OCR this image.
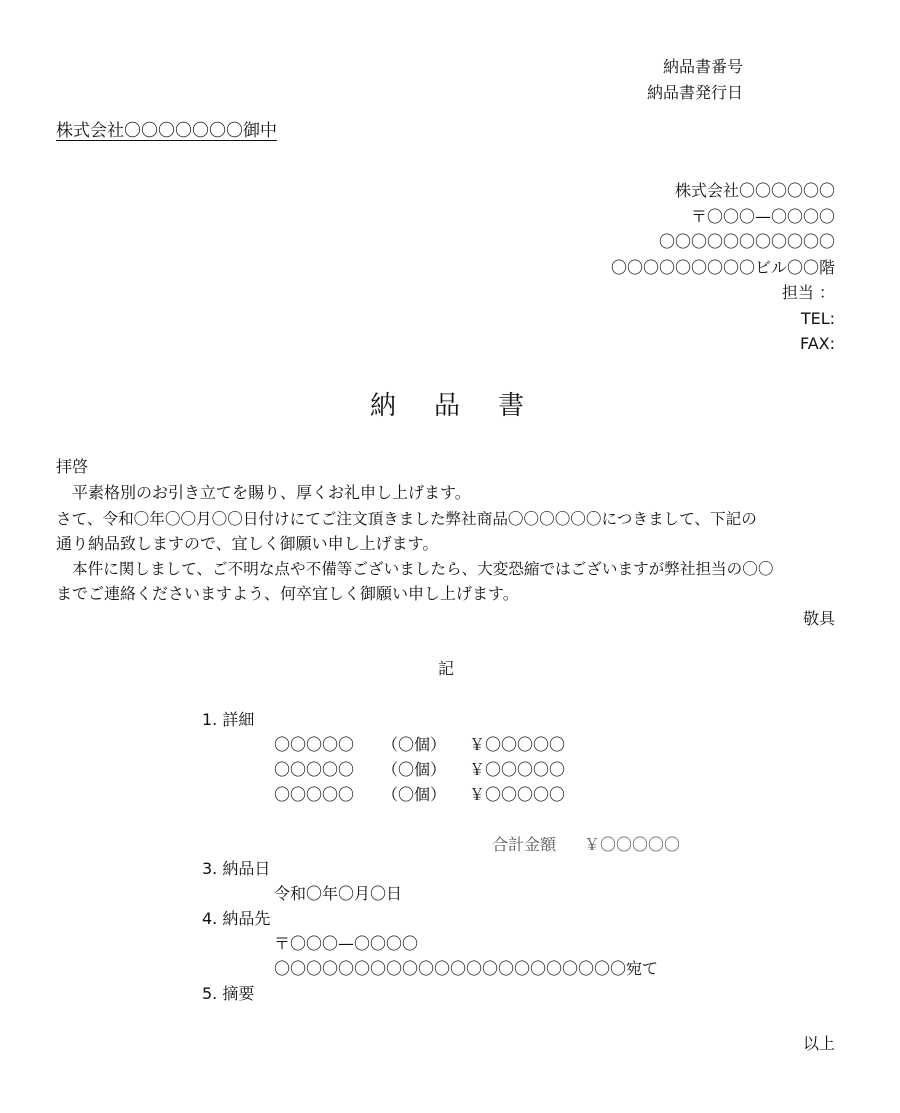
納品書番号
納品書発行日
株式会社〇〇〇〇〇〇〇御中
株式会社〇〇〇〇〇〇
〒〇〇〇—〇〇〇〇
〇〇〇〇〇〇〇〇〇〇〇
〇〇〇〇〇〇〇〇〇ビル〇〇階
担当 ：
TEL:
FAX:
納品書
拝啓
平素格別のお引き立てを賜り、厚くお礼申し上げます。
さて、令和〇年〇〇月〇〇日付けにてご注文頂きました弊社商品〇〇〇〇〇〇につきまして、下記の
通り納品致しますので、宜しく御願い申し上げます。
本件に関しまして、ご不明な点や不備等ございましたら、大変恐縮ではございますが弊社担当の〇〇
までご連絡くださいますよう、何卒宜しく御願い申し上げます。
敬具
記
1. 詳細
〇〇〇〇〇 （〇個） ￥〇〇〇〇〇
〇〇〇〇〇 （〇個） ￥〇〇〇〇〇
〇〇〇〇〇 （〇個） ￥〇〇〇〇〇
合計金額 ￥〇〇〇〇〇
3. 納品日
令和〇年〇月〇日
4. 納品先
〒〇〇〇—〇〇〇〇
〇〇〇〇〇〇〇〇〇〇〇〇〇〇〇〇〇〇〇〇〇〇宛て
5. 摘要
以上
